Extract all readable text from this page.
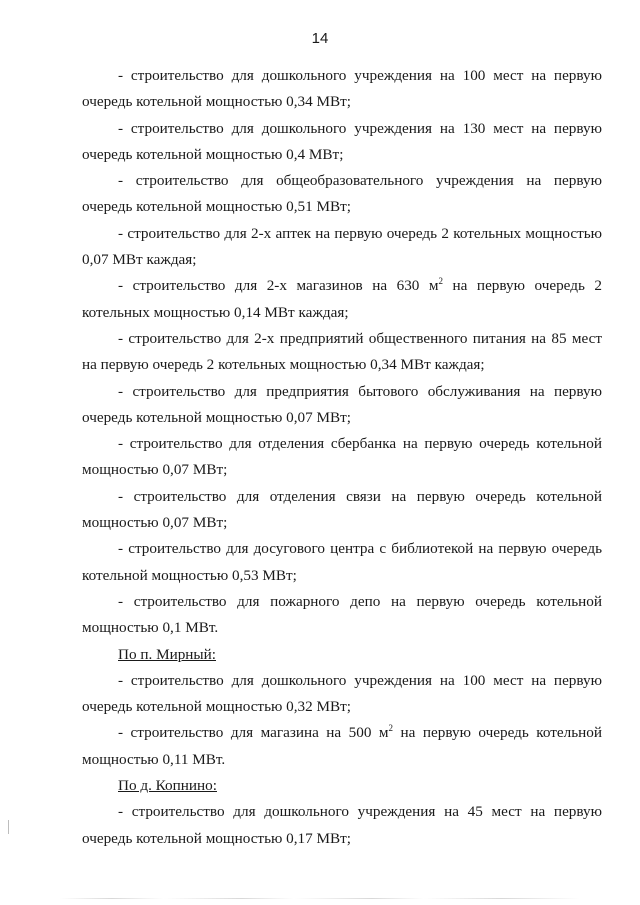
14

- строительство для дошкольного учреждения на 100 мест на первую очередь котельной мощностью 0,34 МВт;

- строительство для дошкольного учреждения на 130 мест на первую очередь котельной мощностью 0,4 МВт;

- строительство для общеобразовательного учреждения на первую очередь котельной мощностью 0,51 МВт;

- строительство для 2-х аптек на первую очередь 2 котельных мощностью 0,07 МВт каждая;

- строительство для 2-х магазинов на 630 $м^2$ на первую очередь 2 котельных мощностью 0,14 МВт каждая;

- строительство для 2-х предприятий общественного питания на 85 мест на первую очередь 2 котельных мощностью 0,34 МВт каждая;

- строительство для предприятия бытового обслуживания на первую очередь котельной мощностью 0,07 МВт;

- строительство для отделения сбербанка на первую очередь котельной мощностью 0,07 МВт;

- строительство для отделения связи на первую очередь котельной мощностью 0,07 МВт;

- строительство для досугового центра с библиотекой на первую очередь котельной мощностью 0,53 МВт;

- строительство для пожарного депо на первую очередь котельной мощностью 0,1 МВт.

По п. Мирный:

- строительство для дошкольного учреждения на 100 мест на первую очередь котельной мощностью 0,32 МВт;

- строительство для магазина на 500 $м^2$ на первую очередь котельной мощностью 0,11 МВт.

По д. Копнино:

- строительство для дошкольного учреждения на 45 мест на первую очередь котельной мощностью 0,17 МВт;
